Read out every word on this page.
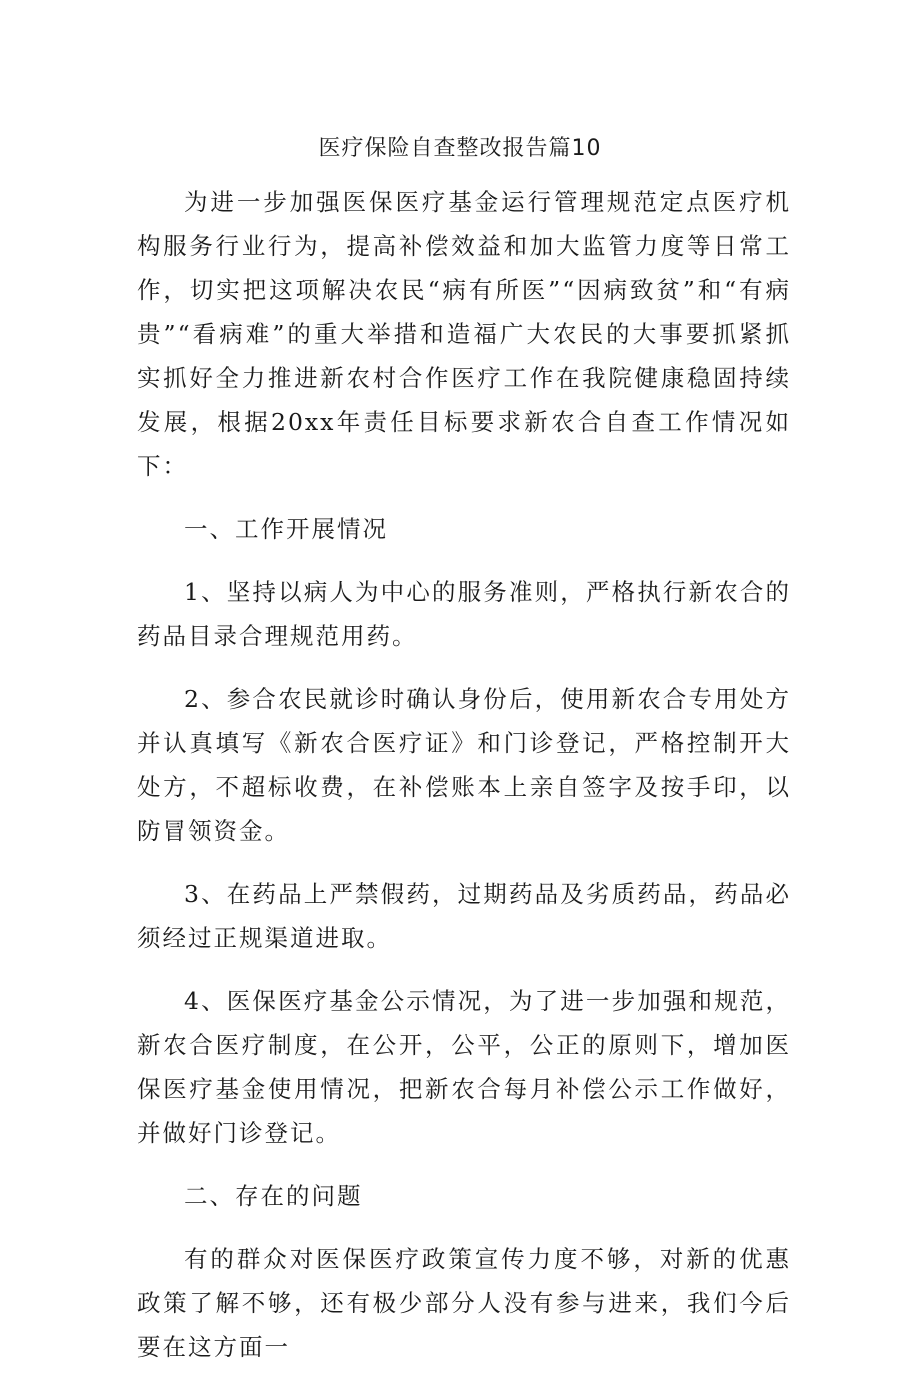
医疗保险自查整改报告篇10

为进一步加强医保医疗基金运行管理规范定点医疗机构服务行业行为，提高补偿效益和加大监管力度等日常工作，切实把这项解决农民“病有所医”“因病致贫”和“有病贵”“看病难”的重大举措和造福广大农民的大事要抓紧抓实抓好全力推进新农村合作医疗工作在我院健康稳固持续发展，根据20xx年责任目标要求新农合自查工作情况如下：

一、工作开展情况

1、坚持以病人为中心的服务准则，严格执行新农合的药品目录合理规范用药。

2、参合农民就诊时确认身份后，使用新农合专用处方并认真填写《新农合医疗证》和门诊登记，严格控制开大处方，不超标收费，在补偿账本上亲自签字及按手印，以防冒领资金。

3、在药品上严禁假药，过期药品及劣质药品，药品必须经过正规渠道进取。

4、医保医疗基金公示情况，为了进一步加强和规范，新农合医疗制度，在公开，公平，公正的原则下，增加医保医疗基金使用情况，把新农合每月补偿公示工作做好，并做好门诊登记。

二、存在的问题

有的群众对医保医疗政策宣传力度不够，对新的优惠政策了解不够，还有极少部分人没有参与进来，我们今后要在这方面一
